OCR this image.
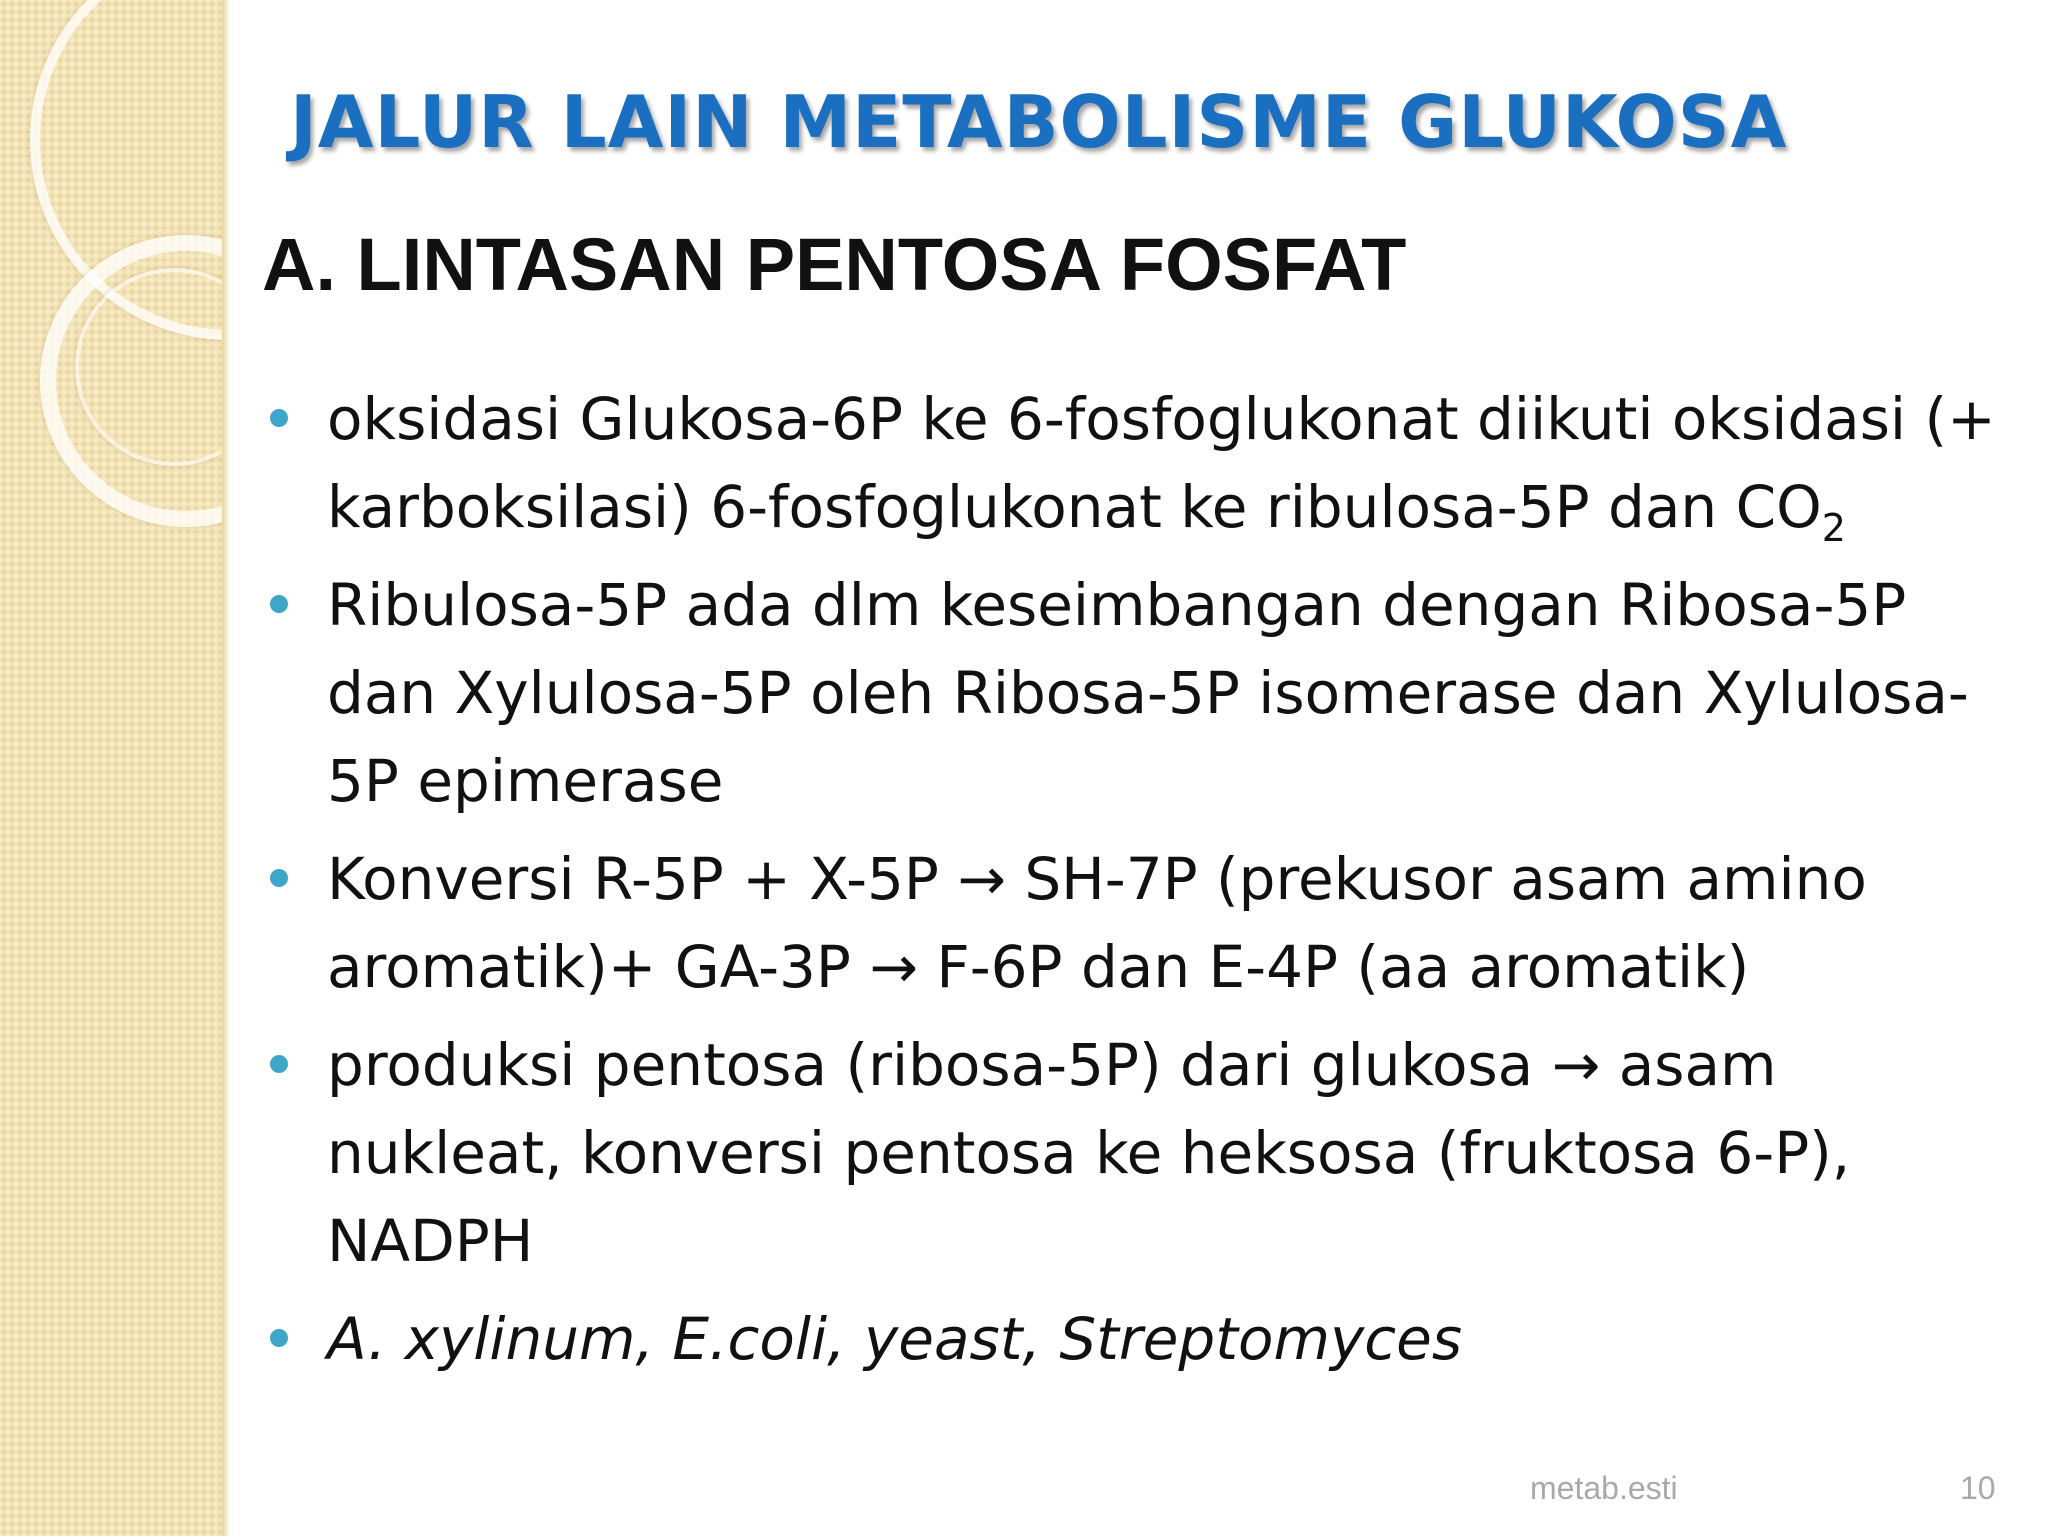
JALUR LAIN METABOLISME GLUKOSA
A. LINTASAN PENTOSA FOSFAT
oksidasi Glukosa-6P ke 6-fosfoglukonat diikuti oksidasi (+ karboksilasi) 6-fosfoglukonat ke ribulosa-5P dan $CO_2$
Ribulosa-5P ada dlm keseimbangan dengan Ribosa-5P dan Xylulosa-5P oleh Ribosa-5P isomerase dan Xylulosa-5P epimerase
Konversi R-5P + X-5P → SH-7P (prekusor asam amino aromatik)+ GA-3P → F-6P dan E-4P (aa aromatik)
produksi pentosa (ribosa-5P) dari glukosa → asam nukleat, konversi pentosa ke heksosa (fruktosa 6-P), NADPH
A. xylinum, E.coli, yeast, Streptomyces
metab.esti	10
